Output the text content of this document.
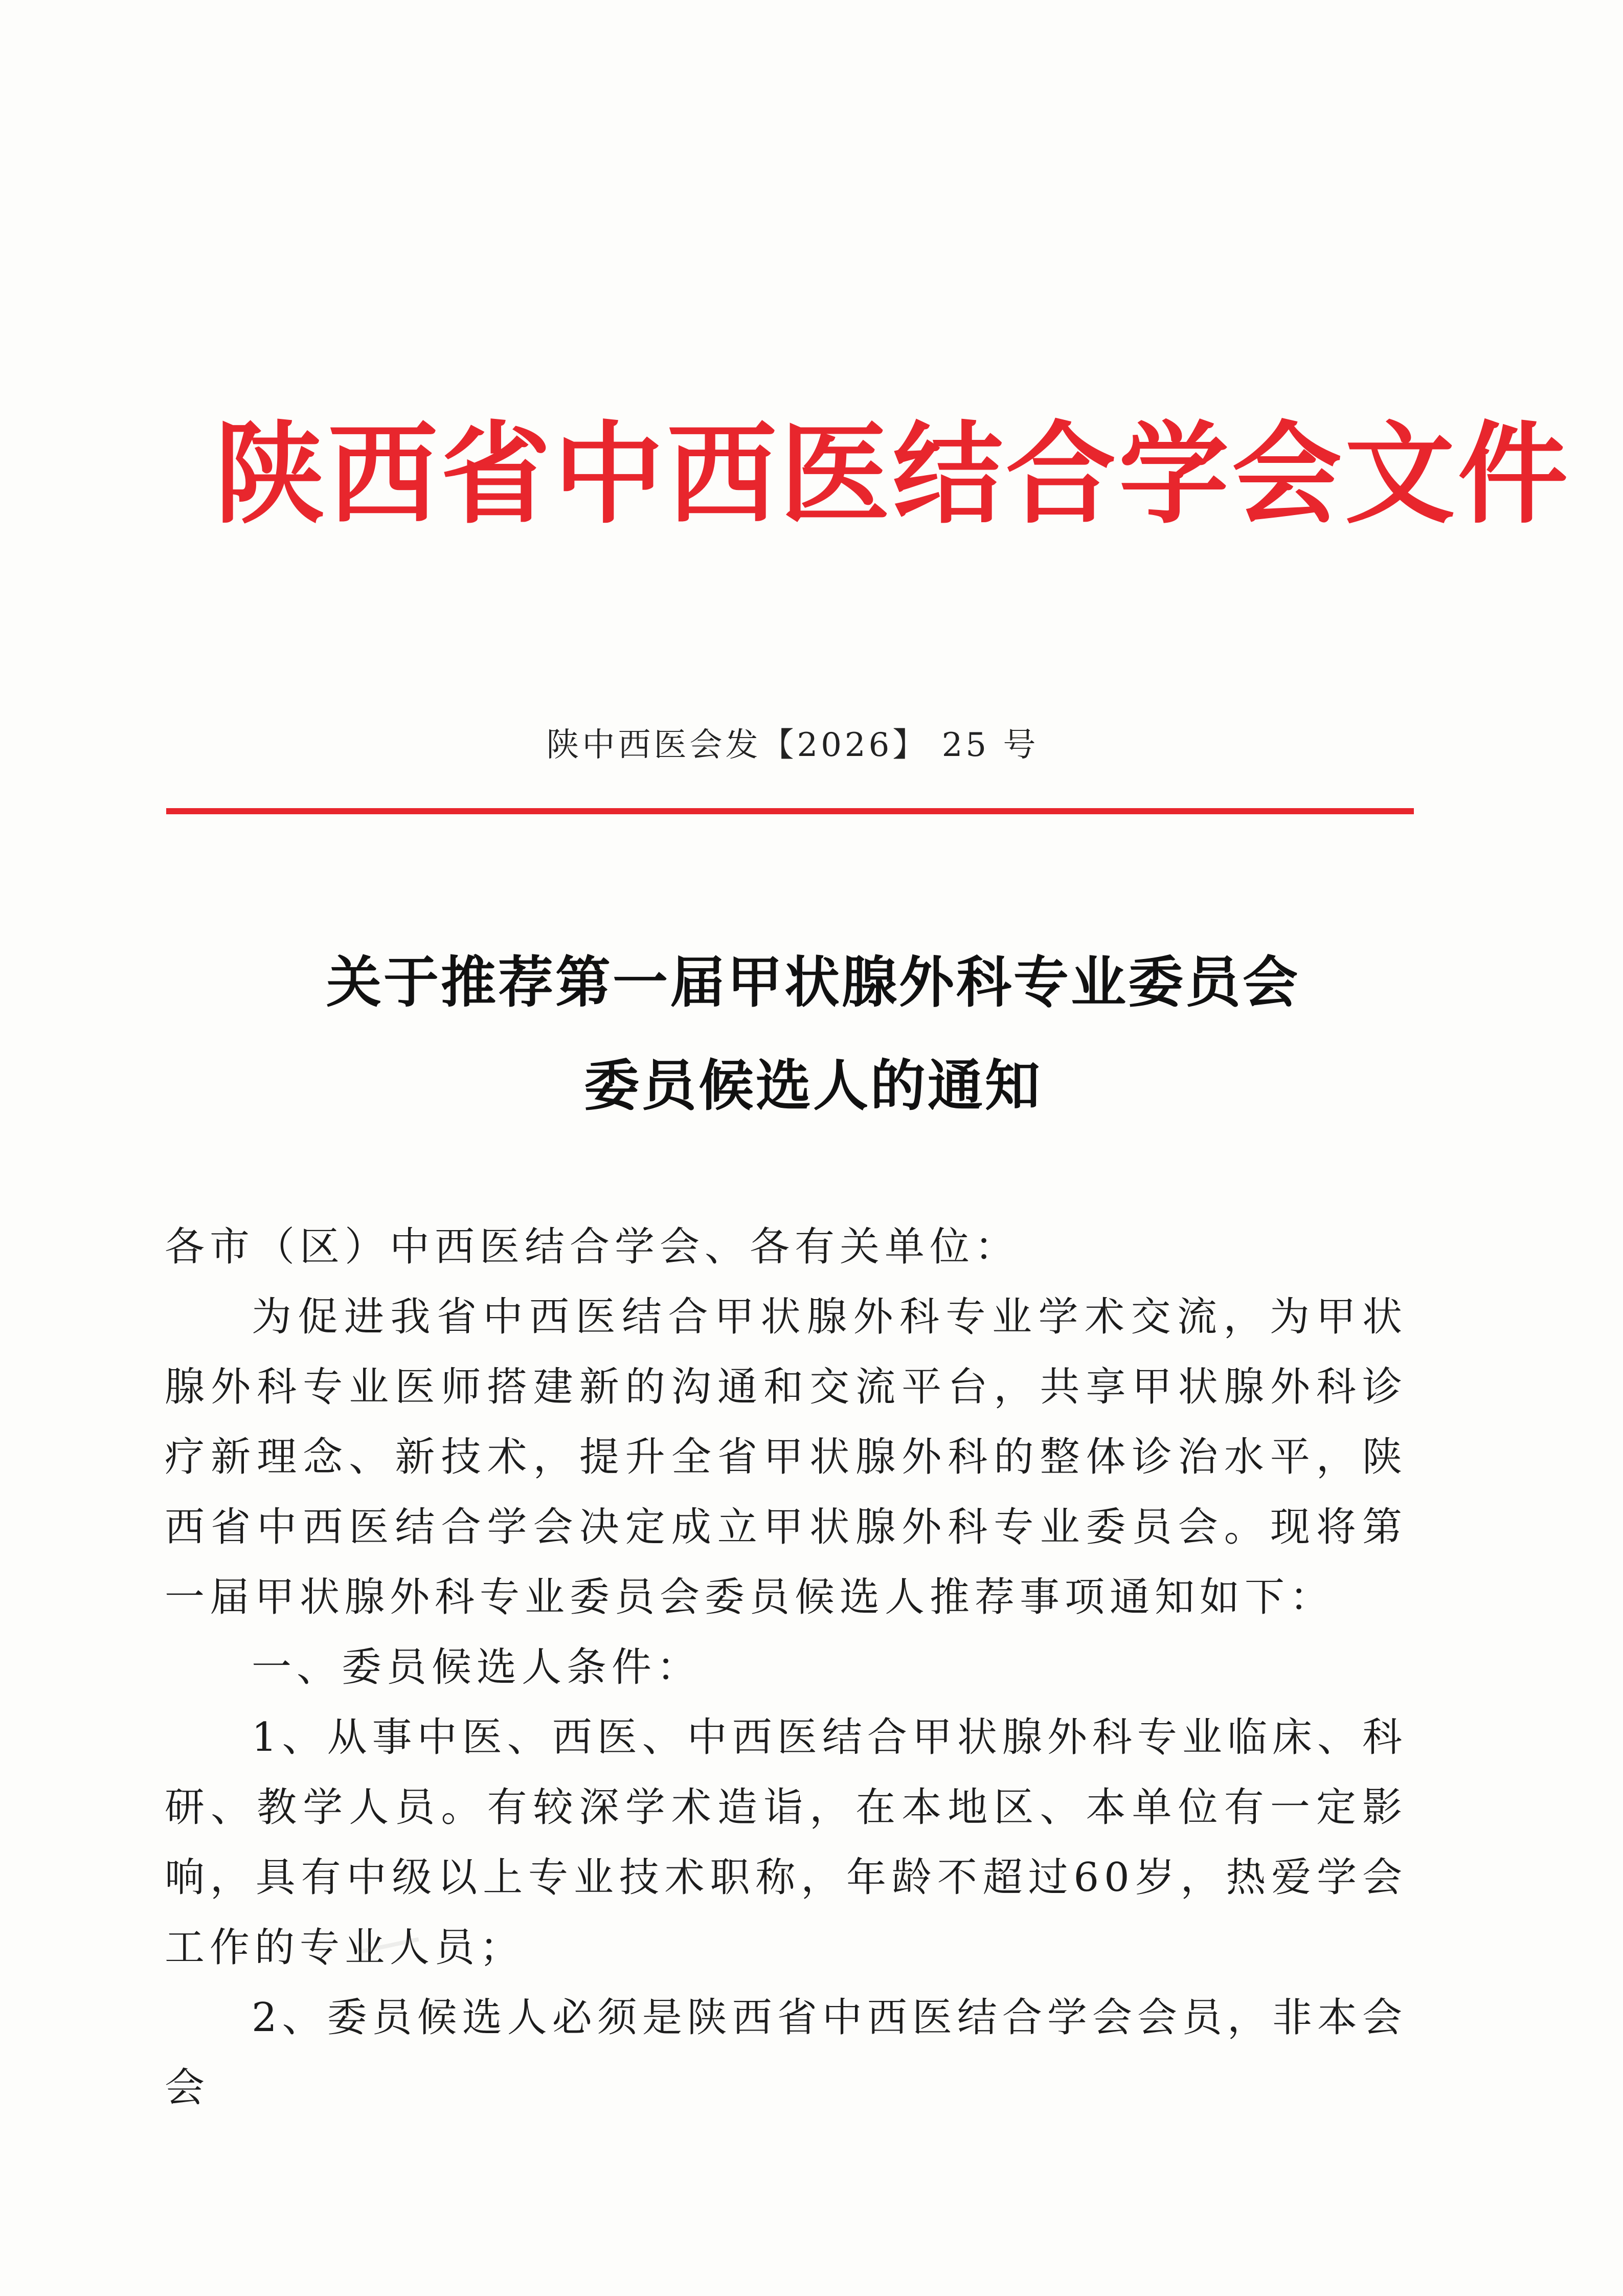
陕西省中西医结合学会文件
陕中西医会发【2026】 25 号
关于推荐第一届甲状腺外科专业委员会
委员候选人的通知

各市（区）中西医结合学会、各有关单位：

为促进我省中西医结合甲状腺外科专业学术交流，为甲状腺外科专业医师搭建新的沟通和交流平台，共享甲状腺外科诊疗新理念、新技术，提升全省甲状腺外科的整体诊治水平，陕西省中西医结合学会决定成立甲状腺外科专业委员会。现将第一届甲状腺外科专业委员会委员候选人推荐事项通知如下：

一、委员候选人条件：

1、从事中医、西医、中西医结合甲状腺外科专业临床、科研、教学人员。有较深学术造诣，在本地区、本单位有一定影响，具有中级以上专业技术职称，年龄不超过60岁，热爱学会工作的专业人员；

2、委员候选人必须是陕西省中西医结合学会会员，非本会会
